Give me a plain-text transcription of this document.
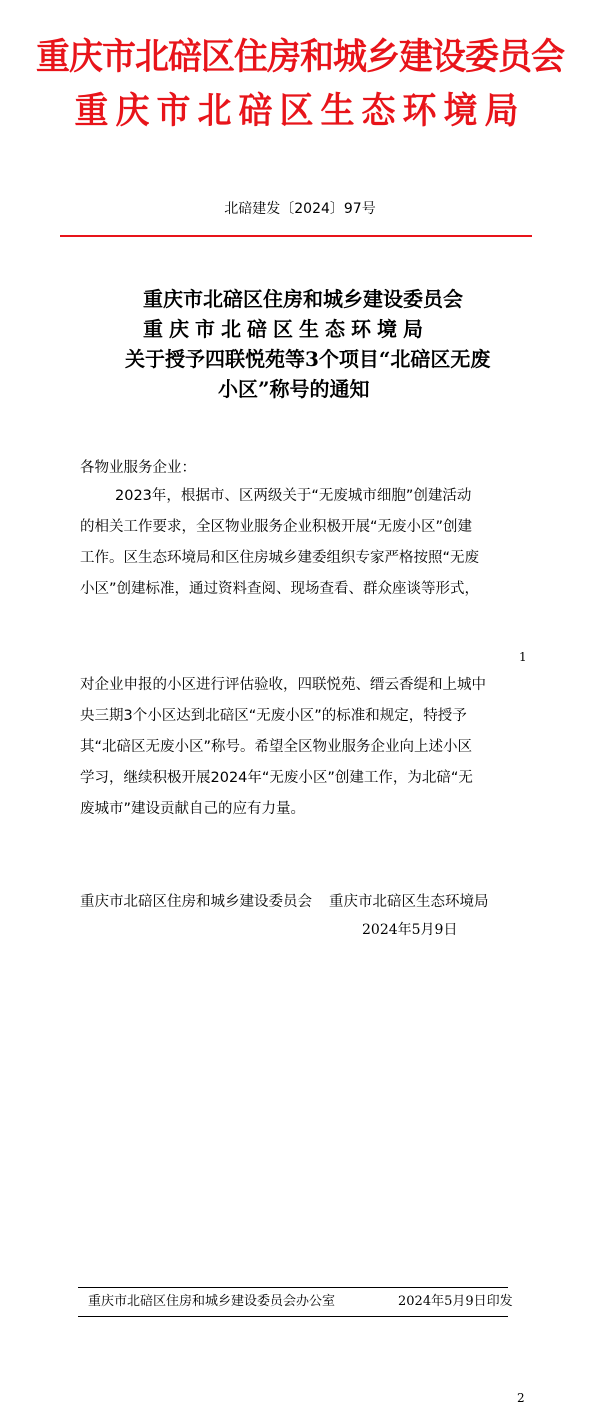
重庆市北碚区住房和城乡建设委员会
重庆市北碚区生态环境局
北碚建发〔2024〕97号
重庆市北碚区住房和城乡建设委员会
重庆市北碚区生态环境局
关于授予四联悦苑等3个项目“北碚区无废
小区”称号的通知
各物业服务企业：
2023年，根据市、区两级关于“无废城市细胞”创建活动
的相关工作要求，全区物业服务企业积极开展“无废小区”创建
工作。区生态环境局和区住房城乡建委组织专家严格按照“无废
小区”创建标准，通过资料查阅、现场查看、群众座谈等形式，
1
对企业申报的小区进行评估验收，四联悦苑、缙云香缇和上城中
央三期3个小区达到北碚区“无废小区”的标准和规定，特授予
其“北碚区无废小区”称号。希望全区物业服务企业向上述小区
学习，继续积极开展2024年“无废小区”创建工作，为北碚“无
废城市”建设贡献自己的应有力量。
重庆市北碚区住房和城乡建设委员会 重庆市北碚区生态环境局
2024年5月9日
重庆市北碚区住房和城乡建设委员会办公室	2024年5月9日印发
2
